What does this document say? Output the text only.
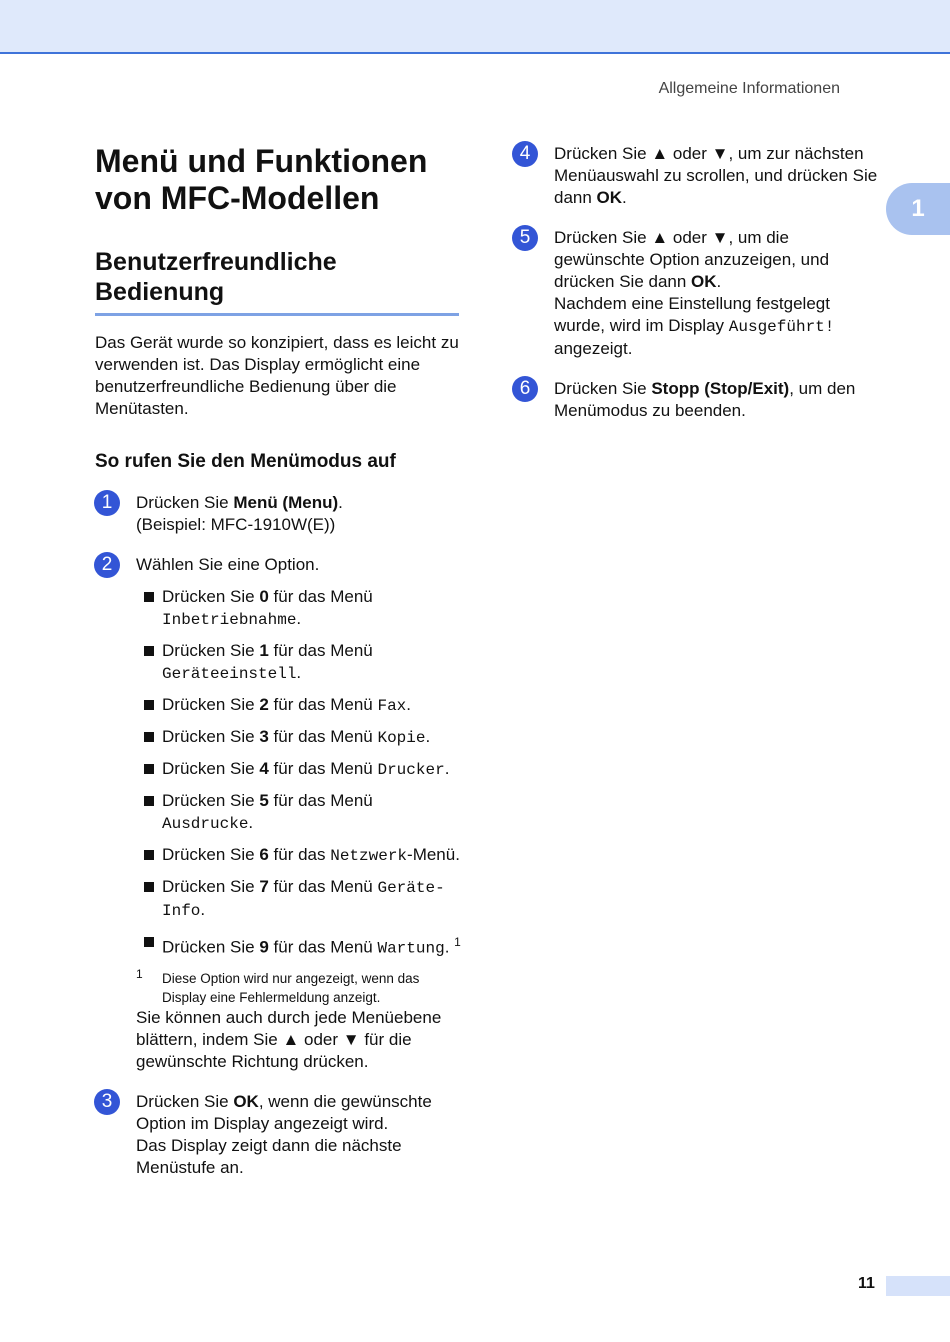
Allgemeine Informationen
1
Menü und Funktionen von MFC-Modellen
Benutzerfreundliche Bedienung

Das Gerät wurde so konzipiert, dass es leicht zu verwenden ist. Das Display ermöglicht eine benutzerfreundliche Bedienung über die Menütasten.

So rufen Sie den Menümodus auf
1	Drücken Sie Menü (Menu).
(Beispiel: MFC-1910W(E))
2	Wählen Sie eine Option.
Drücken Sie 0 für das Menü Inbetriebnahme.
Drücken Sie 1 für das Menü Geräteeinstell.
Drücken Sie 2 für das Menü Fax.
Drücken Sie 3 für das Menü Kopie.
Drücken Sie 4 für das Menü Drucker.
Drücken Sie 5 für das Menü Ausdrucke.
Drücken Sie 6 für das Netzwerk-Menü.
Drücken Sie 7 für das Menü Geräte-Info.
Drücken Sie 9 für das Menü Wartung. $^1$
1 Diese Option wird nur angezeigt, wenn das Display eine Fehlermeldung anzeigt.
Sie können auch durch jede Menüebene blättern, indem Sie ▲ oder ▼ für die gewünschte Richtung drücken.
3	Drücken Sie OK, wenn die gewünschte Option im Display angezeigt wird.
Das Display zeigt dann die nächste Menüstufe an.
4	Drücken Sie ▲ oder ▼, um zur nächsten Menüauswahl zu scrollen, und drücken Sie dann OK.
5	Drücken Sie ▲ oder ▼, um die gewünschte Option anzuzeigen, und drücken Sie dann OK.
Nachdem eine Einstellung festgelegt wurde, wird im Display Ausgeführt! angezeigt.
6	Drücken Sie Stopp (Stop/Exit), um den Menümodus zu beenden.
11
